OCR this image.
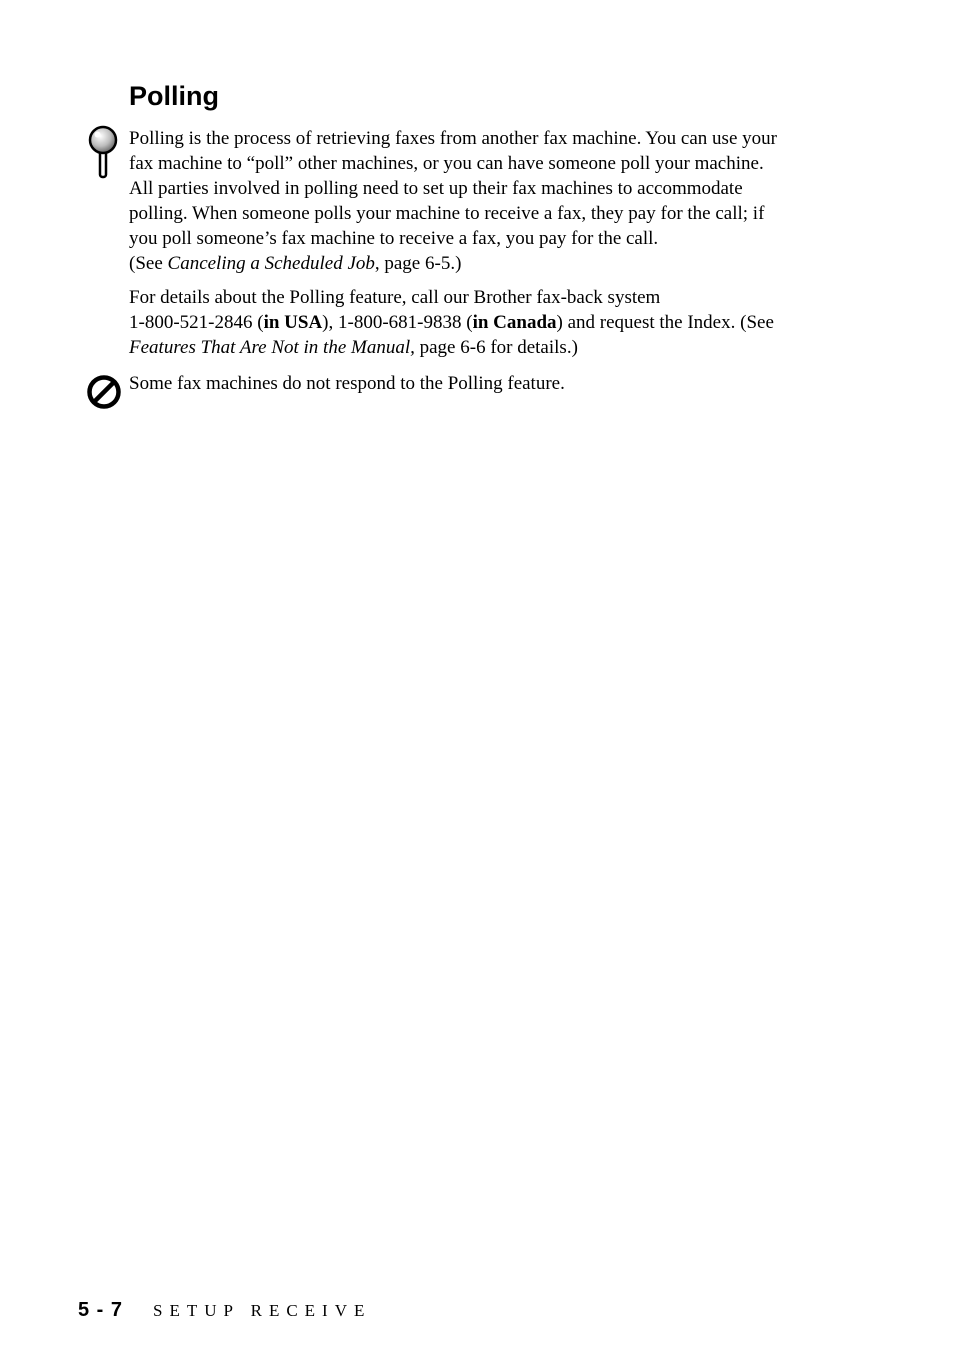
Polling

Polling is the process of retrieving faxes from another fax machine. You can use your
fax machine to “poll” other machines, or you can have someone poll your machine.
All parties involved in polling need to set up their fax machines to accommodate
polling. When someone polls your machine to receive a fax, they pay for the call; if
you poll someone’s fax machine to receive a fax, you pay for the call.
(See Canceling a Scheduled Job, page 6-5.)

For details about the Polling feature, call our Brother fax-back system
1-800-521-2846 (in USA), 1-800-681-9838 (in Canada) and request the Index. (See
Features That Are Not in the Manual, page 6-6 for details.)

Some fax machines do not respond to the Polling feature.

5 - 7 SETUP RECEIVE
